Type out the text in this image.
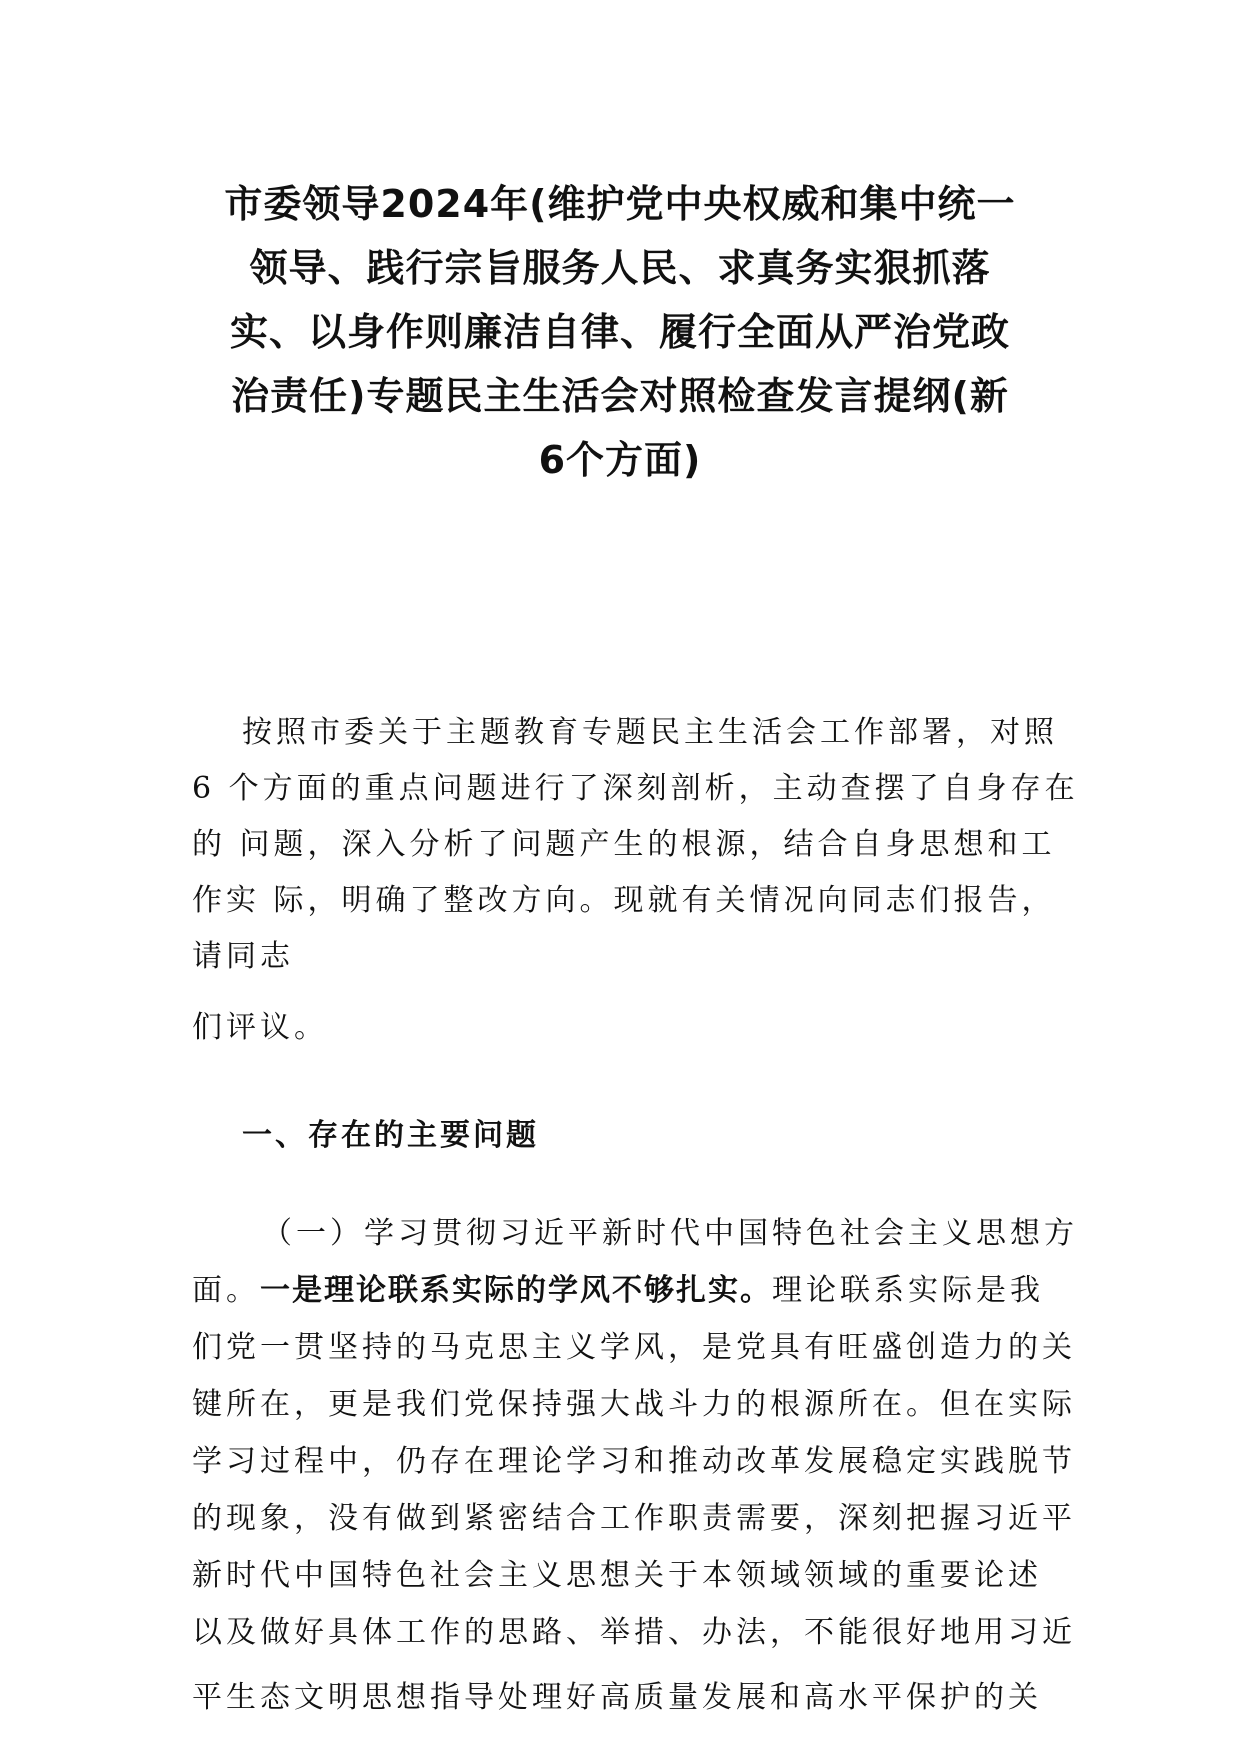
市委领导2024年(维护党中央权威和集中统一
领导、践行宗旨服务人民、求真务实狠抓落
实、以身作则廉洁自律、履行全面从严治党政
治责任)专题民主生活会对照检查发言提纲(新
6个方面)
按照市委关于主题教育专题民主生活会工作部署，对照
6 个方面的重点问题进行了深刻剖析，主动查摆了自身存在
的 问题，深入分析了问题产生的根源，结合自身思想和工
作实 际，明确了整改方向。现就有关情况向同志们报告，
请同志
们评议。
一、存在的主要问题
（一）学习贯彻习近平新时代中国特色社会主义思想方
面。一是理论联系实际的学风不够扎实。理论联系实际是我
们党一贯坚持的马克思主义学风，是党具有旺盛创造力的关
键所在，更是我们党保持强大战斗力的根源所在。但在实际
学习过程中，仍存在理论学习和推动改革发展稳定实践脱节
的现象，没有做到紧密结合工作职责需要，深刻把握习近平
新时代中国特色社会主义思想关于本领域领域的重要论述
以及做好具体工作的思路、举措、办法，不能很好地用习近
平生态文明思想指导处理好高质量发展和高水平保护的关
